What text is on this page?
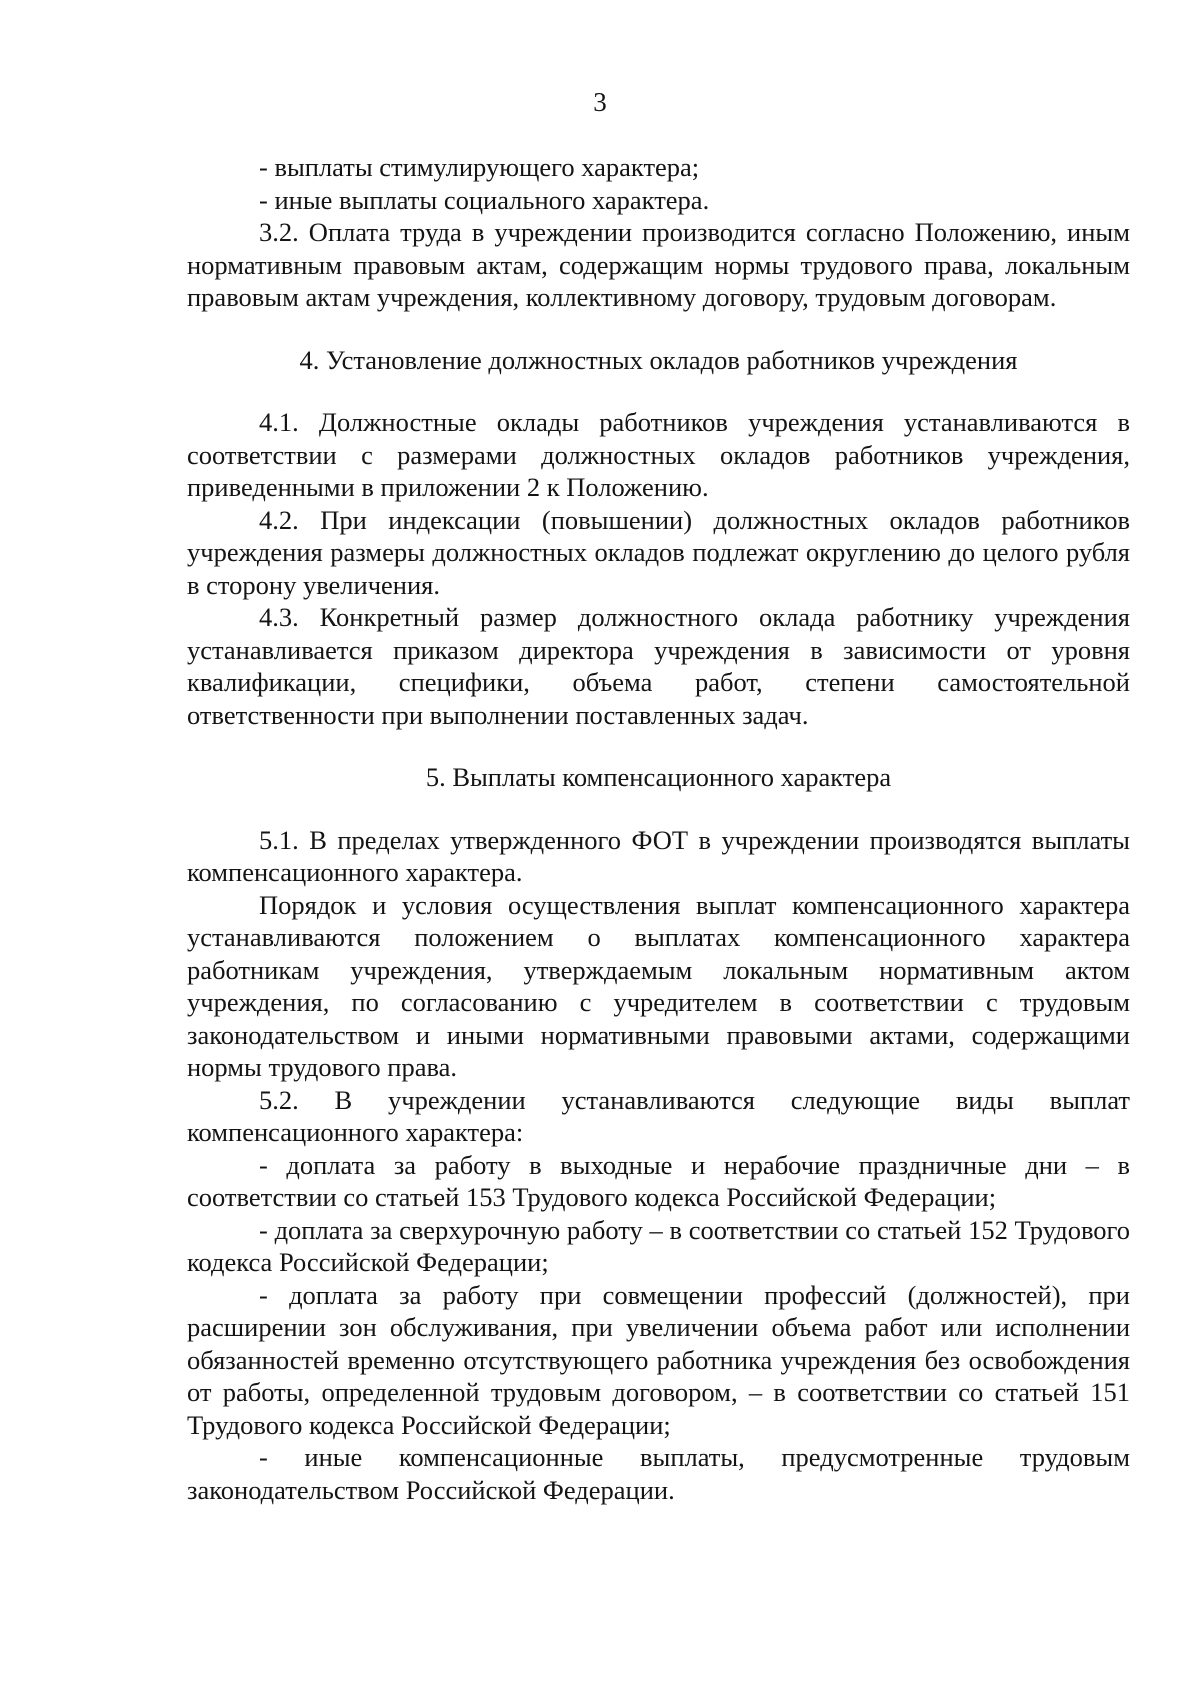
3

- выплаты стимулирующего характера;

- иные выплаты социального характера.

3.2. Оплата труда в учреждении производится согласно Положению, иным нормативным правовым актам, содержащим нормы трудового права, локальным правовым актам учреждения, коллективному договору, трудовым договорам.

4. Установление должностных окладов работников учреждения

4.1. Должностные оклады работников учреждения устанавливаются в соответствии с размерами должностных окладов работников учреждения, приведенными в приложении 2 к Положению.

4.2. При индексации (повышении) должностных окладов работников учреждения размеры должностных окладов подлежат округлению до целого рубля в сторону увеличения.

4.3. Конкретный размер должностного оклада работнику учреждения устанавливается приказом директора учреждения в зависимости от уровня квалификации, специфики, объема работ, степени самостоятельной ответственности при выполнении поставленных задач.

5. Выплаты компенсационного характера

5.1. В пределах утвержденного ФОТ в учреждении производятся выплаты компенсационного характера.

Порядок и условия осуществления выплат компенсационного характера устанавливаются положением о выплатах компенсационного характера работникам учреждения, утверждаемым локальным нормативным актом учреждения, по согласованию с учредителем в соответствии с трудовым законодательством и иными нормативными правовыми актами, содержащими нормы трудового права.

5.2. В учреждении устанавливаются следующие виды выплат компенсационного характера:

- доплата за работу в выходные и нерабочие праздничные дни – в соответствии со статьей 153 Трудового кодекса Российской Федерации;

- доплата за сверхурочную работу – в соответствии со статьей 152 Трудового кодекса Российской Федерации;

- доплата за работу при совмещении профессий (должностей), при расширении зон обслуживания, при увеличении объема работ или исполнении обязанностей временно отсутствующего работника учреждения без освобождения от работы, определенной трудовым договором, – в соответствии со статьей 151 Трудового кодекса Российской Федерации;

- иные компенсационные выплаты, предусмотренные трудовым законодательством Российской Федерации.
